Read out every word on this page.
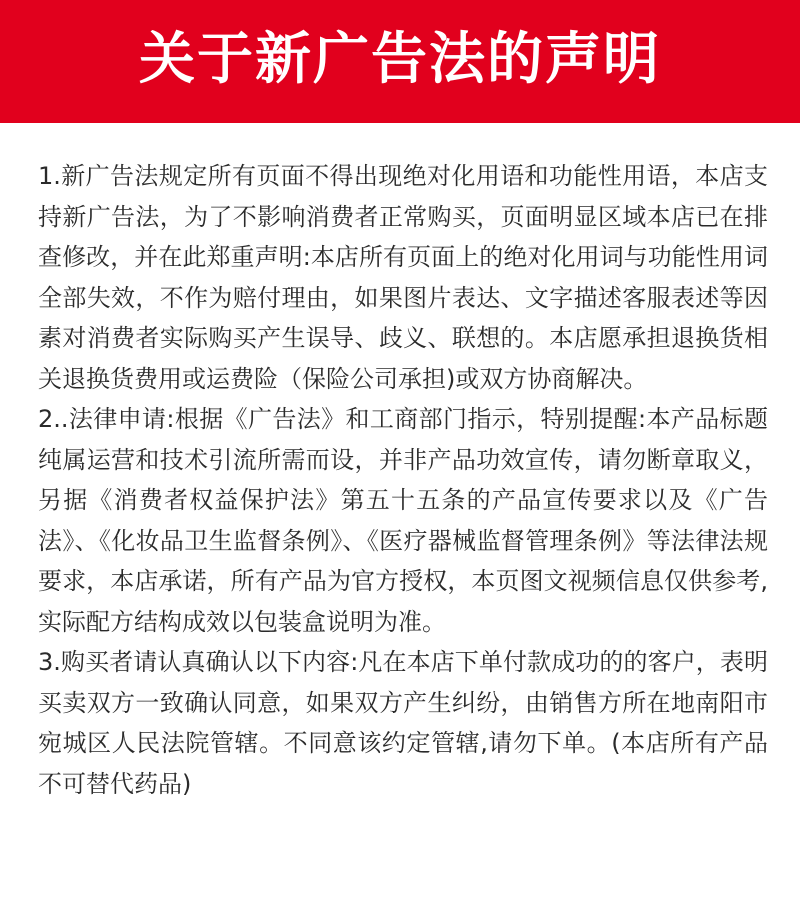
关于新广告法的声明

1.新广告法规定所有页面不得出现绝对化用语和功能性用语，本店支持新广告法，为了不影响消费者正常购买，页面明显区域本店已在排查修改，并在此郑重声明:本店所有页面上的绝对化用词与功能性用词全部失效，不作为赔付理由，如果图片表达、文字描述客服表述等因素对消费者实际购买产生误导、歧义、联想的。本店愿承担退换货相关退换货费用或运费险（保险公司承担)或双方协商解决。

2..法律申请:根据《广告法》和工商部门指示，特别提醒:本产品标题纯属运营和技术引流所需而设，并非产品功效宣传，请勿断章取义，另据《消费者权益保护法》第五十五条的产品宣传要求以及《广告法》、《化妆品卫生监督条例》、《医疗器械监督管理条例》等法律法规要求，本店承诺，所有产品为官方授权，本页图文视频信息仅供参考,实际配方结构成效以包装盒说明为准。

3.购买者请认真确认以下内容:凡在本店下单付款成功的的客户，表明买卖双方一致确认同意，如果双方产生纠纷，由销售方所在地南阳市宛城区人民法院管辖。不同意该约定管辖,请勿下单。(本店所有产品不可替代药品)
